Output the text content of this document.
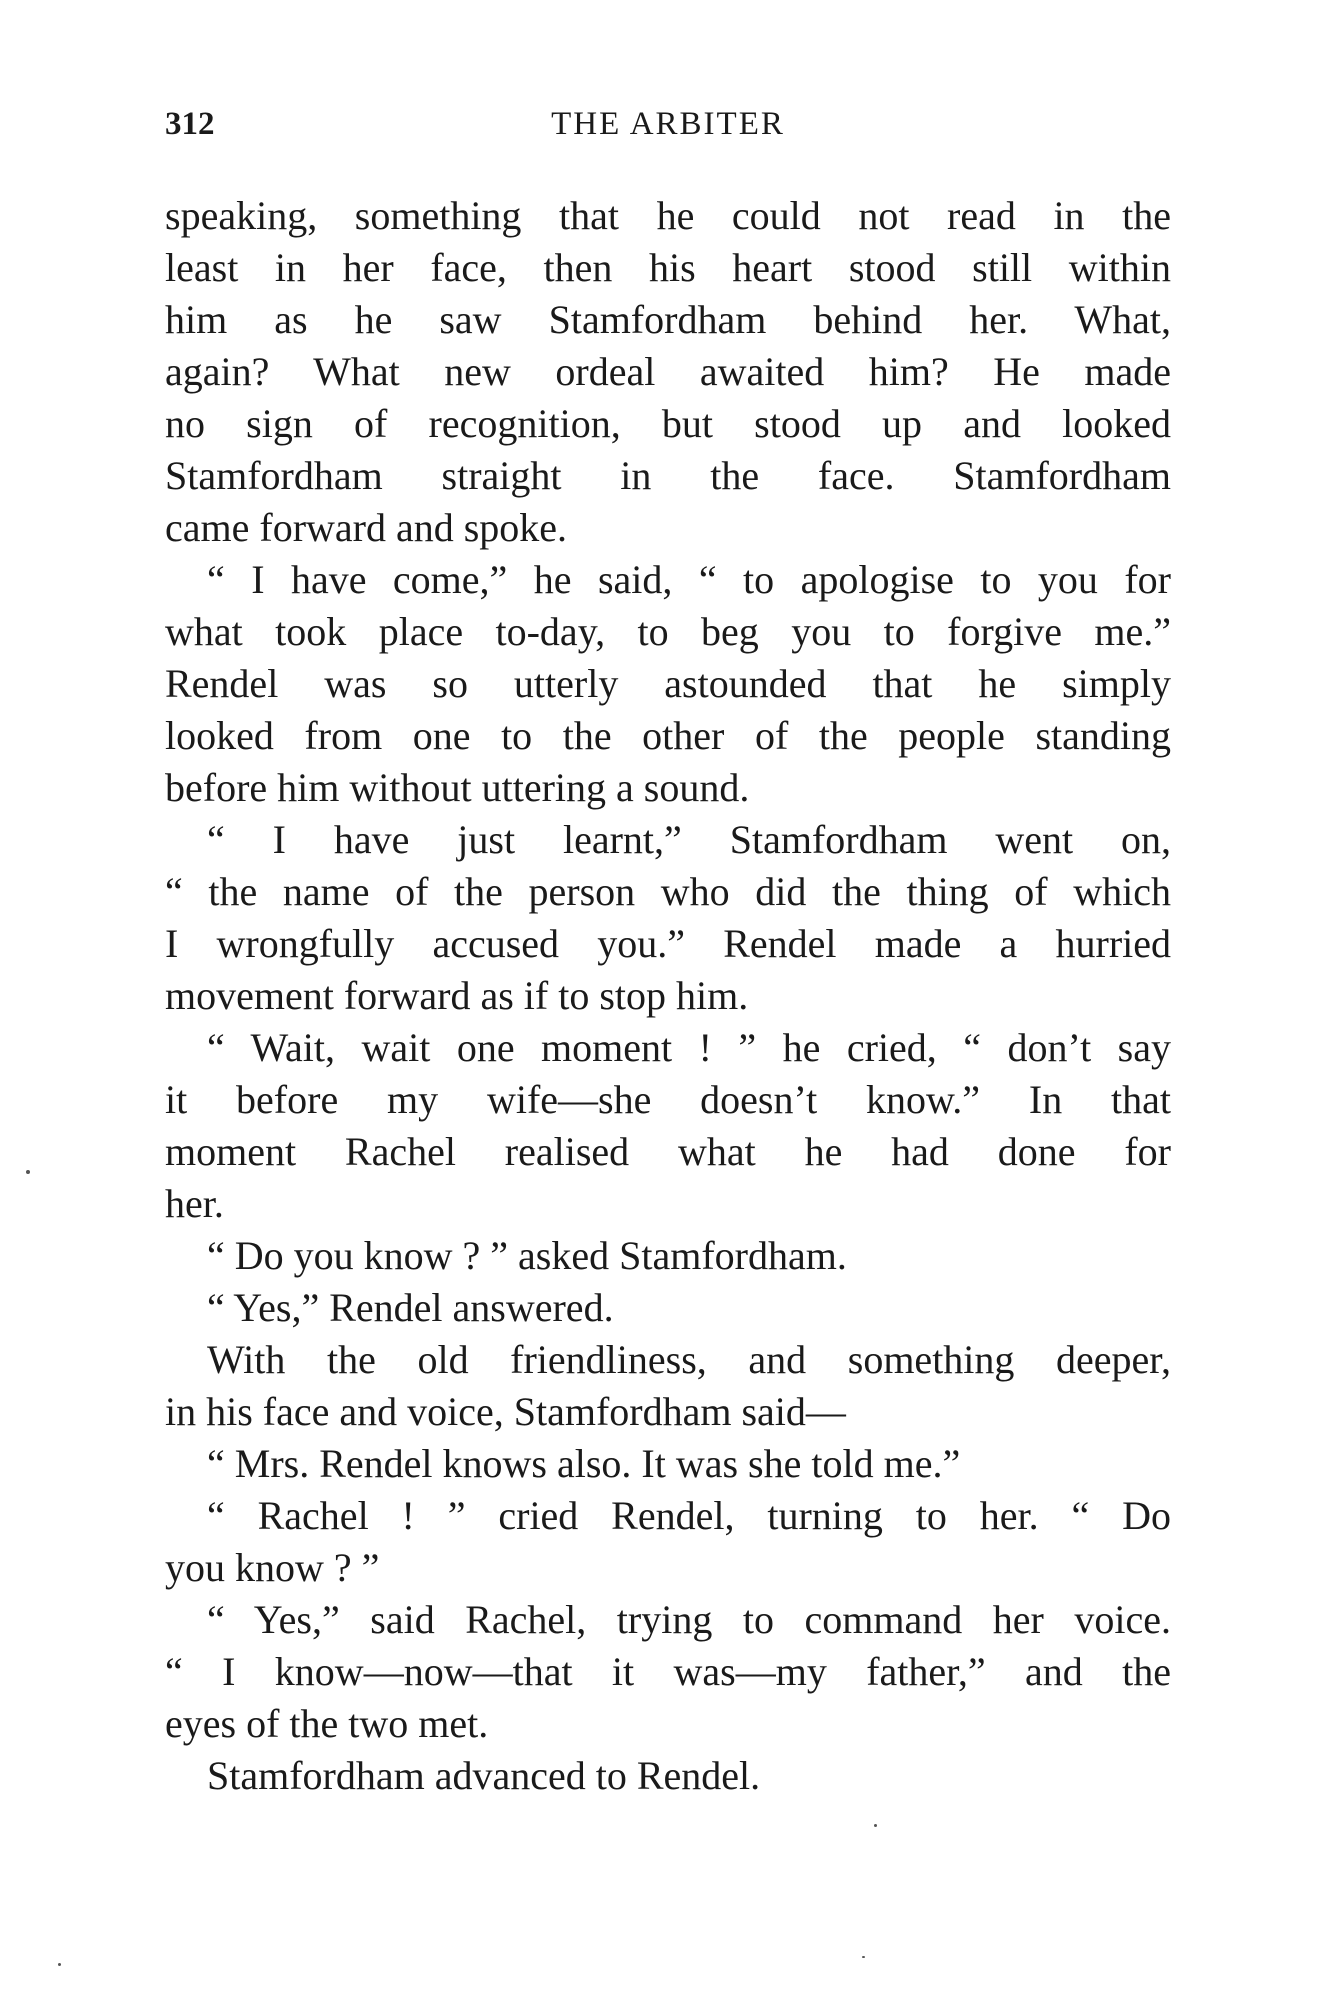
312	THE ARBITER
speaking, something that he could not read in the
least in her face, then his heart stood still within
him as he saw Stamfordham behind her. What,
again? What new ordeal awaited him? He made
no sign of recognition, but stood up and looked
Stamfordham straight in the face. Stamfordham
came forward and spoke.
“ I have come,” he said, “ to apologise to you for
what took place to-day, to beg you to forgive me.”
Rendel was so utterly astounded that he simply
looked from one to the other of the people standing
before him without uttering a sound.
“ I have just learnt,” Stamfordham went on,
“ the name of the person who did the thing of which
I wrongfully accused you.” Rendel made a hurried
movement forward as if to stop him.
“ Wait, wait one moment ! ” he cried, “ don’t say
it before my wife—she doesn’t know.” In that
moment Rachel realised what he had done for
her.
“ Do you know ? ” asked Stamfordham.
“ Yes,” Rendel answered.
With the old friendliness, and something deeper,
in his face and voice, Stamfordham said—
“ Mrs. Rendel knows also. It was she told me.”
“ Rachel ! ” cried Rendel, turning to her. “ Do
you know ? ”
“ Yes,” said Rachel, trying to command her voice.
“ I know—now—that it was—my father,” and the
eyes of the two met.
Stamfordham advanced to Rendel.
